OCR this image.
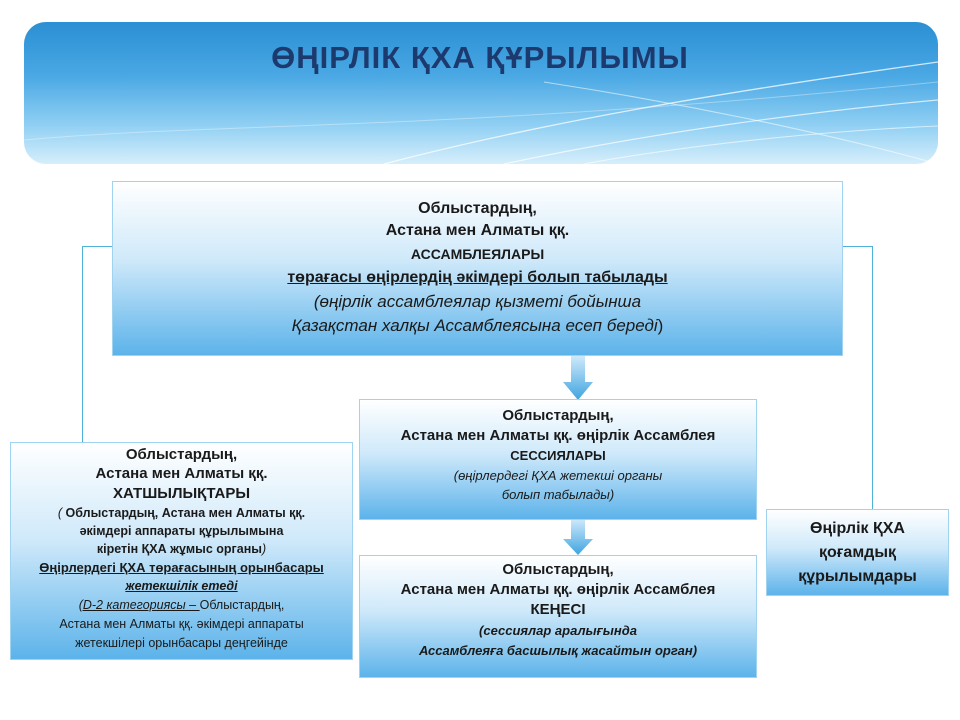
ӨҢІРЛІК ҚХА ҚҰРЫЛЫМЫ
Облыстардың,
Астана мен Алматы ққ.
АССАМБЛЕЯЛАРЫ
төрағасы өңірлердің әкімдері болып табылады
(өңірлік ассамблеялар қызметі бойынша
Қазақстан халқы Ассамблеясына есеп береді)
Облыстардың,
Астана мен Алматы ққ. өңірлік Ассамблея
СЕССИЯЛАРЫ
(өңірлердегі ҚХА жетекші органы
болып табылады)
Облыстардың,
Астана мен Алматы ққ. өңірлік Ассамблея
КЕҢЕСІ
(сессиялар аралығында
Ассамблеяға басшылық жасайтын орган)
Облыстардың,
Астана мен Алматы ққ.
ХАТШЫЛЫҚТАРЫ
( Облыстардың, Астана мен Алматы ққ.
әкімдері аппараты құрылымына
кіретін ҚХА жұмыс органы)
Өңірлердегі ҚХА төрағасының орынбасары
жетекшілік етеді
(D-2 категориясы – Облыстардың,
Астана мен Алматы ққ. әкімдері аппараты
жетекшілері орынбасары деңгейінде
Өңірлік ҚХА
қоғамдық
құрылымдары
